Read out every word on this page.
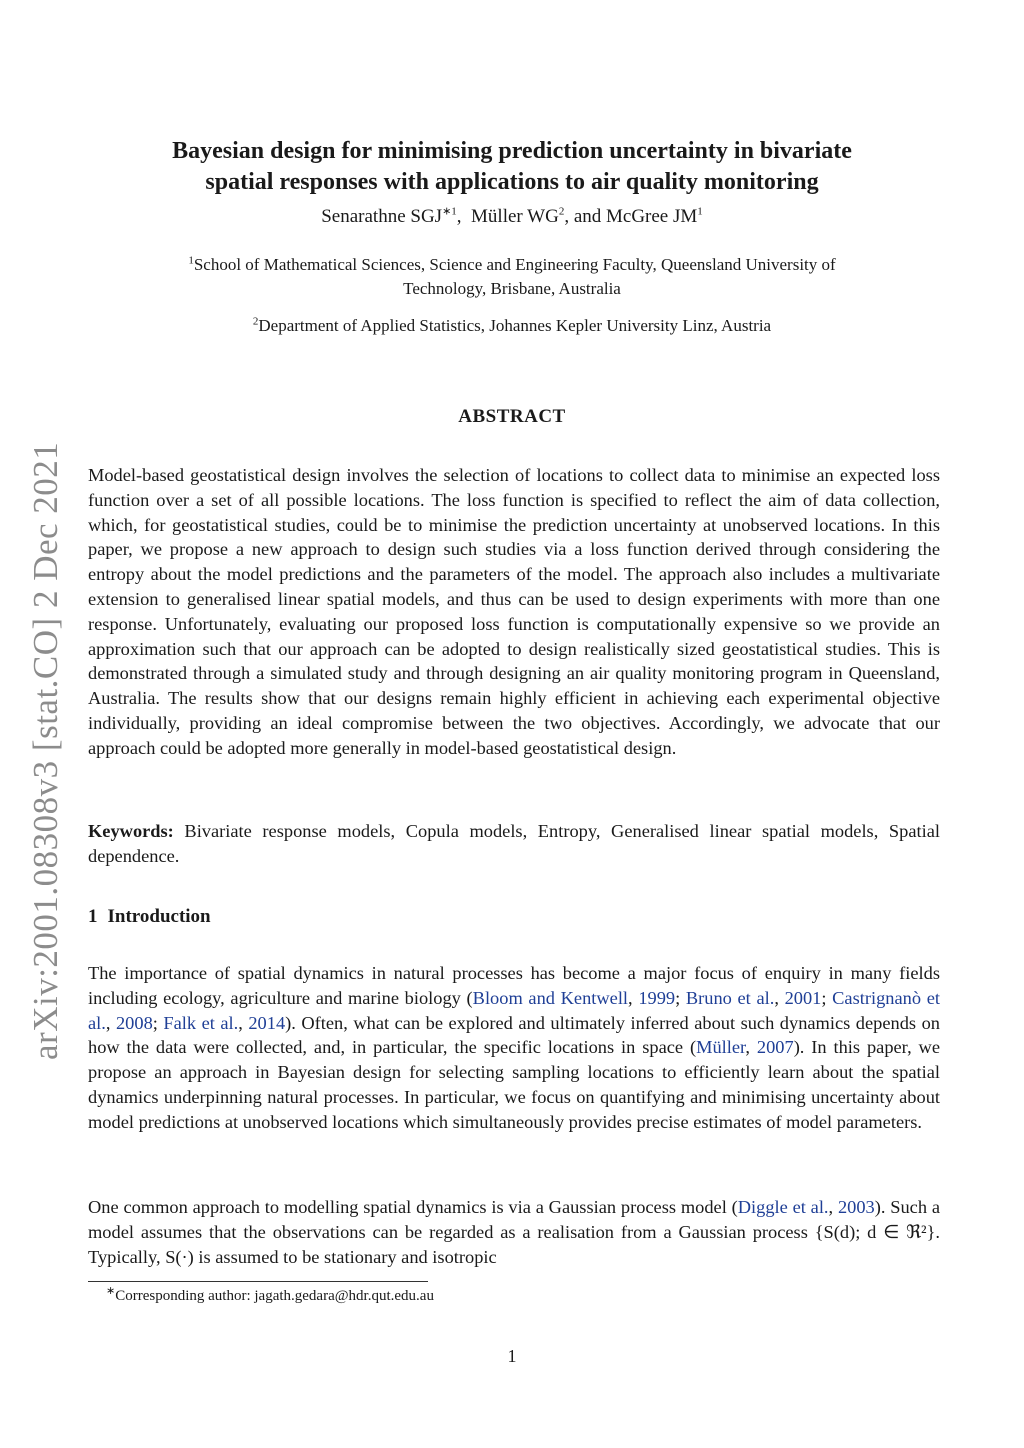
arXiv:2001.08308v3 [stat.CO] 2 Dec 2021
Bayesian design for minimising prediction uncertainty in bivariate
spatial responses with applications to air quality monitoring
Senarathne $SGJ^{∗1}$,  Müller $WG^2$, and McGree $JM^1$
$^1$School of Mathematical Sciences, Science and Engineering Faculty, Queensland University of
Technology, Brisbane, Australia
$^2$Department of Applied Statistics, Johannes Kepler University Linz, Austria
ABSTRACT
Model-based geostatistical design involves the selection of locations to collect data to minimise an expected loss function over a set of all possible locations. The loss function is specified to reflect the aim of data collection, which, for geostatistical studies, could be to minimise the prediction uncertainty at unobserved locations. In this paper, we propose a new approach to design such studies via a loss function derived through considering the entropy about the model predictions and the parameters of the model. The approach also includes a multivariate extension to generalised linear spatial models, and thus can be used to design experiments with more than one response. Unfortunately, evaluating our proposed loss function is computationally expensive so we provide an approximation such that our approach can be adopted to design realistically sized geostatistical studies. This is demonstrated through a simulated study and through designing an air quality monitoring program in Queensland, Australia. The results show that our designs remain highly efficient in achieving each experimental objective individually, providing an ideal compromise between the two objectives. Accordingly, we advocate that our approach could be adopted more generally in model-based geostatistical design.
Keywords: Bivariate response models, Copula models, Entropy, Generalised linear spatial models, Spatial dependence.
1 Introduction
The importance of spatial dynamics in natural processes has become a major focus of enquiry in many fields including ecology, agriculture and marine biology (Bloom and Kentwell, 1999; Bruno et al., 2001; Castrignanò et al., 2008; Falk et al., 2014). Often, what can be explored and ultimately inferred about such dynamics depends on how the data were collected, and, in particular, the specific locations in space (Müller, 2007). In this paper, we propose an approach in Bayesian design for selecting sampling locations to efficiently learn about the spatial dynamics underpinning natural processes. In particular, we focus on quantifying and minimising uncertainty about model predictions at unobserved locations which simultaneously provides precise estimates of model parameters.
One common approach to modelling spatial dynamics is via a Gaussian process model (Diggle et al., 2003). Such a model assumes that the observations can be regarded as a realisation from a Gaussian process {S(d); d ∈ ℜ²}. Typically, S(·) is assumed to be stationary and isotropic
∗Corresponding author: jagath.gedara@hdr.qut.edu.au
1
